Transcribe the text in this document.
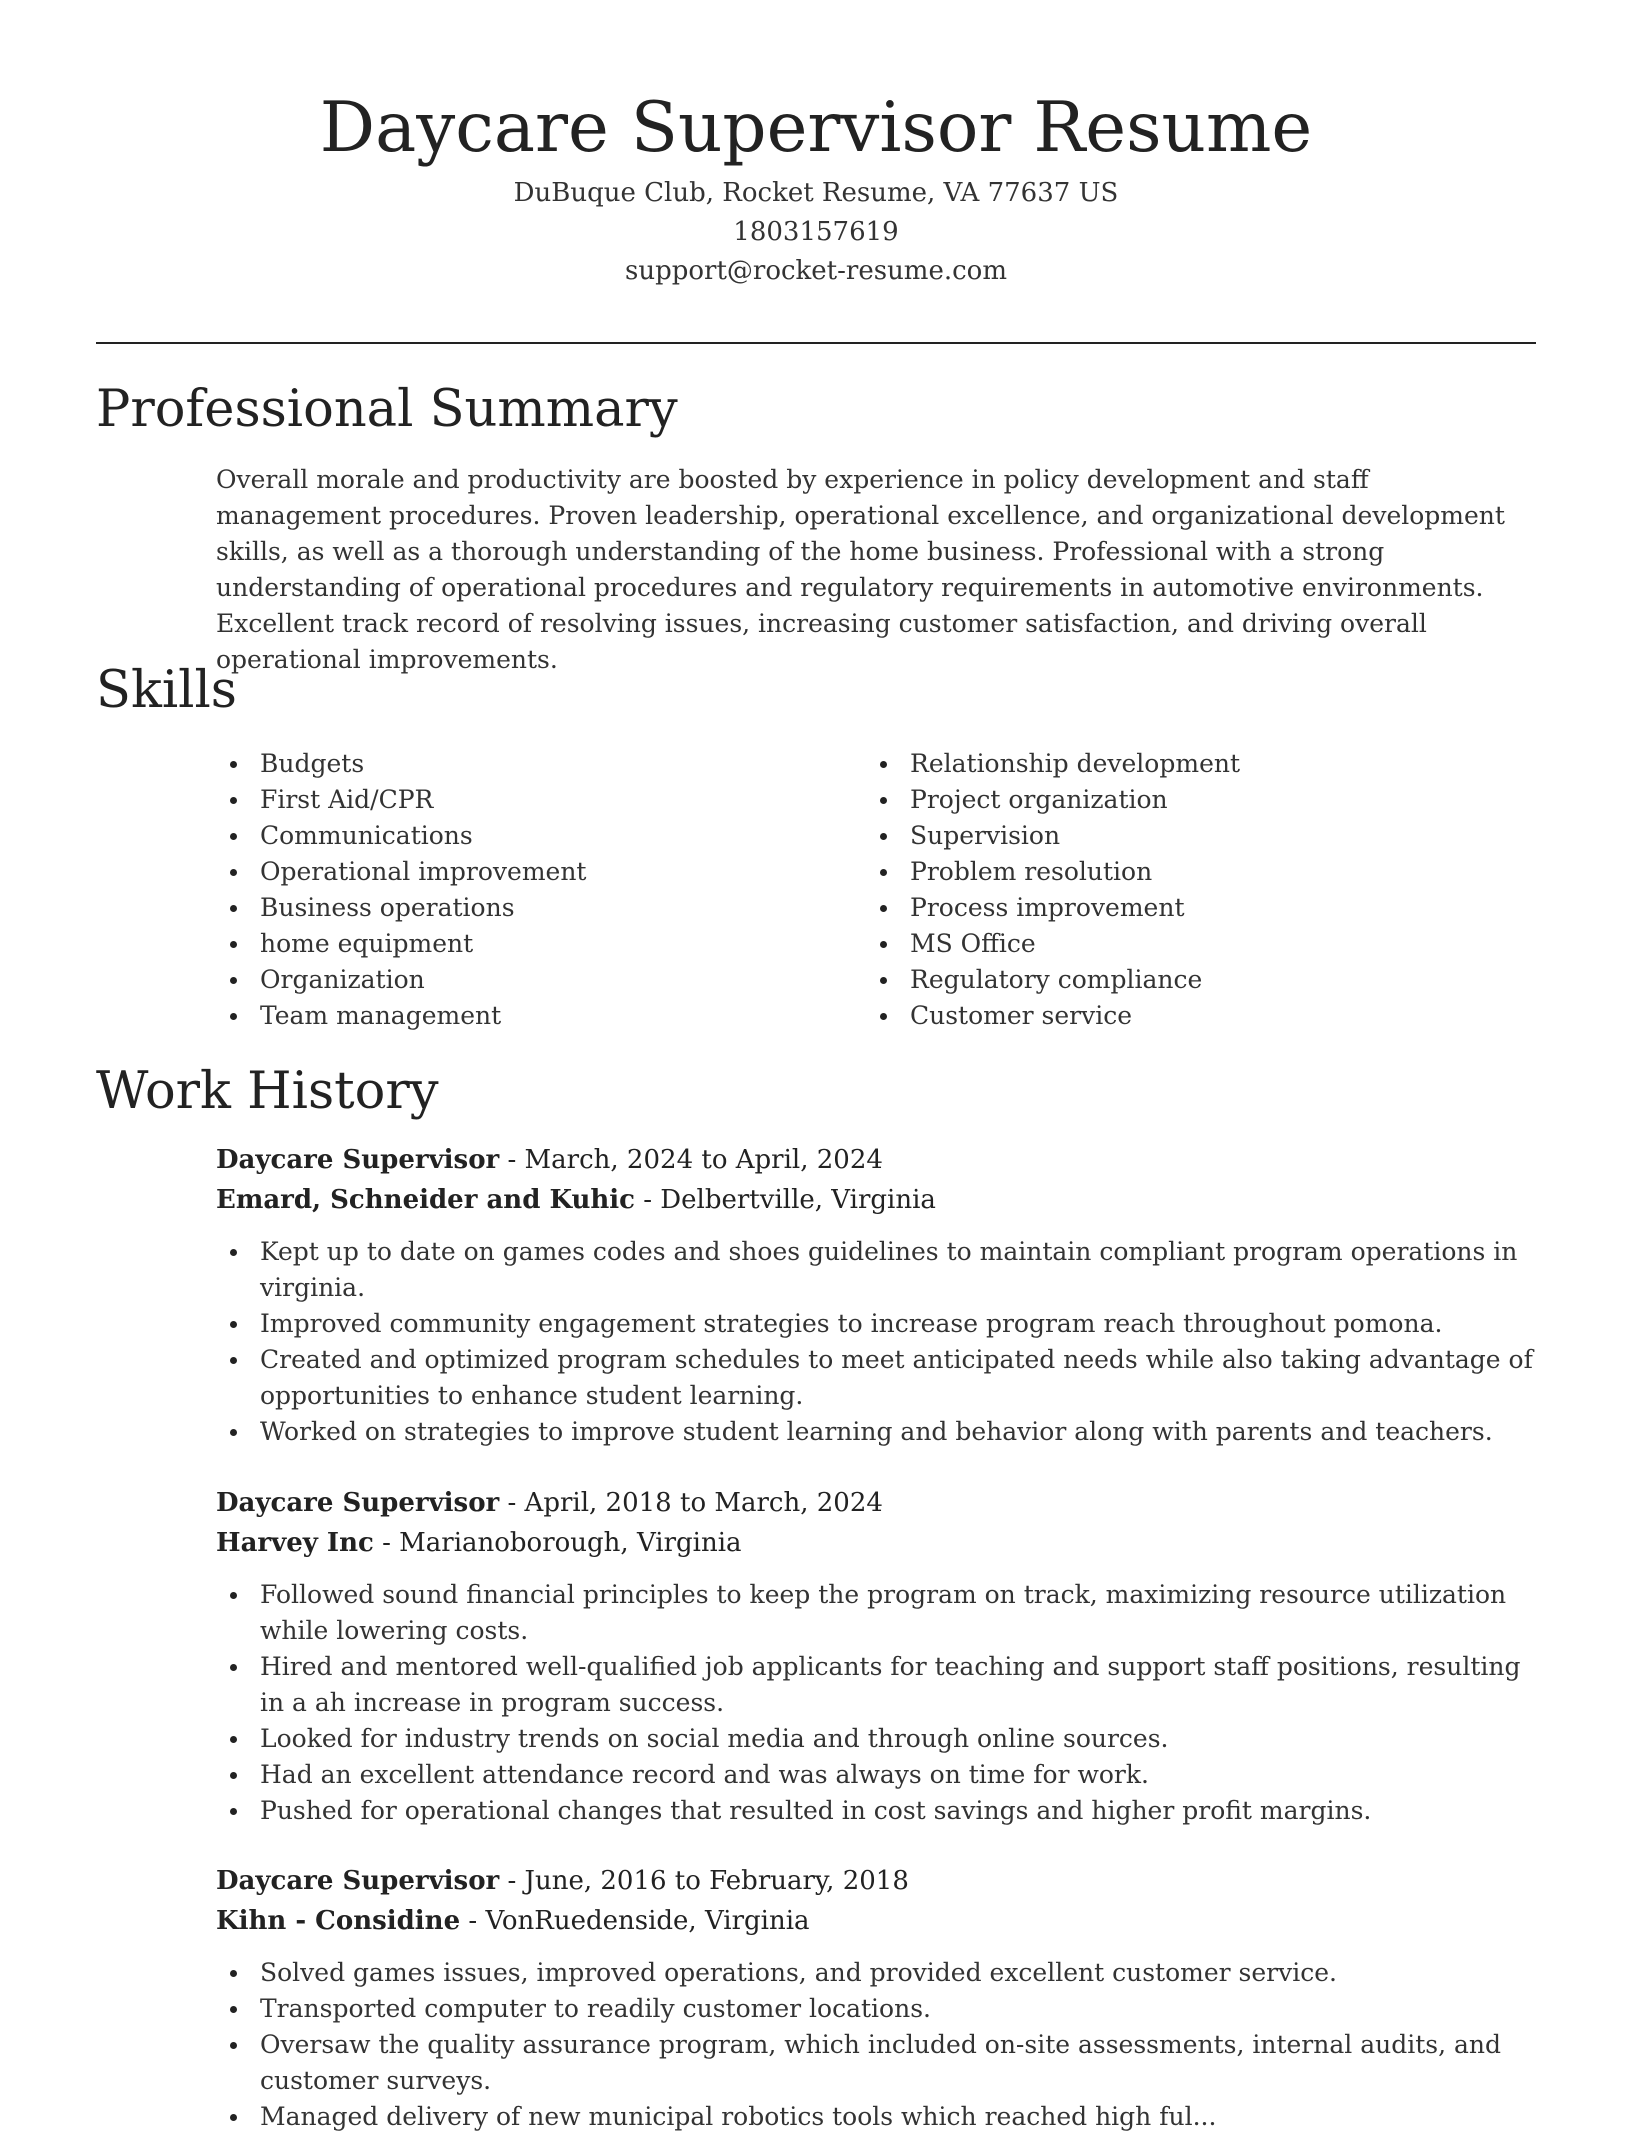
Daycare Supervisor Resume
DuBuque Club, Rocket Resume, VA 77637 US
1803157619
support@rocket-resume.com
Professional Summary

Overall morale and productivity are boosted by experience in policy development and staff management procedures. Proven leadership, operational excellence, and organizational development skills, as well as a thorough understanding of the home business. Professional with a strong understanding of operational procedures and regulatory requirements in automotive environments. Excellent track record of resolving issues, increasing customer satisfaction, and driving overall operational improvements.

Skills
Budgets
First Aid/CPR
Communications
Operational improvement
Business operations
home equipment
Organization
Team management
Relationship development
Project organization
Supervision
Problem resolution
Process improvement
MS Office
Regulatory compliance
Customer service
Work History
Daycare Supervisor - March, 2024 to April, 2024
Emard, Schneider and Kuhic - Delbertville, Virginia
Kept up to date on games codes and shoes guidelines to maintain compliant program operations in virginia.
Improved community engagement strategies to increase program reach throughout pomona.
Created and optimized program schedules to meet anticipated needs while also taking advantage of opportunities to enhance student learning.
Worked on strategies to improve student learning and behavior along with parents and teachers.
Daycare Supervisor - April, 2018 to March, 2024
Harvey Inc - Marianoborough, Virginia
Followed sound financial principles to keep the program on track, maximizing resource utilization while lowering costs.
Hired and mentored well-qualified job applicants for teaching and support staff positions, resulting in a ah increase in program success.
Looked for industry trends on social media and through online sources.
Had an excellent attendance record and was always on time for work.
Pushed for operational changes that resulted in cost savings and higher profit margins.
Daycare Supervisor - June, 2016 to February, 2018
Kihn - Considine - VonRuedenside, Virginia
Solved games issues, improved operations, and provided excellent customer service.
Transported computer to readily customer locations.
Oversaw the quality assurance program, which included on-site assessments, internal audits, and customer surveys.
Managed delivery of new municipal robotics tools which reached high ful...
